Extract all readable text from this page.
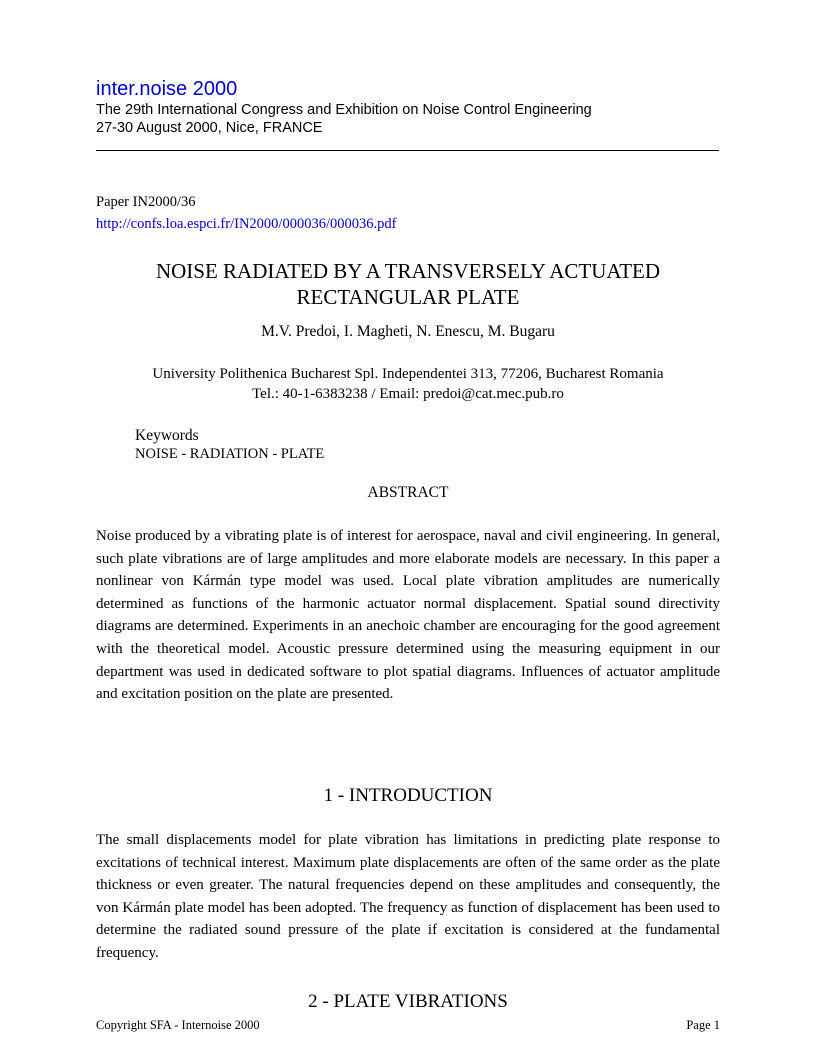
inter.noise 2000
The 29th International Congress and Exhibition on Noise Control Engineering
27-30 August 2000, Nice, FRANCE
Paper IN2000/36
http://confs.loa.espci.fr/IN2000/000036/000036.pdf
NOISE RADIATED BY A TRANSVERSELY ACTUATED
RECTANGULAR PLATE
M.V. Predoi, I. Magheti, N. Enescu, M. Bugaru
University Polithenica Bucharest Spl. Independentei 313, 77206, Bucharest Romania
Tel.: 40-1-6383238 / Email: predoi@cat.mec.pub.ro
Keywords
NOISE - RADIATION - PLATE
ABSTRACT
Noise produced by a vibrating plate is of interest for aerospace, naval and civil engineering. In general, such plate vibrations are of large amplitudes and more elaborate models are necessary. In this paper a nonlinear von Kármán type model was used. Local plate vibration amplitudes are numerically determined as functions of the harmonic actuator normal displacement. Spatial sound directivity diagrams are determined. Experiments in an anechoic chamber are encouraging for the good agreement with the theoretical model. Acoustic pressure determined using the measuring equipment in our department was used in dedicated software to plot spatial diagrams. Influences of actuator amplitude and excitation position on the plate are presented.
1 - INTRODUCTION
The small displacements model for plate vibration has limitations in predicting plate response to excitations of technical interest. Maximum plate displacements are often of the same order as the plate thickness or even greater. The natural frequencies depend on these amplitudes and consequently, the von Kármán plate model has been adopted. The frequency as function of displacement has been used to determine the radiated sound pressure of the plate if excitation is considered at the fundamental frequency.
2 - PLATE VIBRATIONS
Copyright SFA - Internoise 2000	Page 1
